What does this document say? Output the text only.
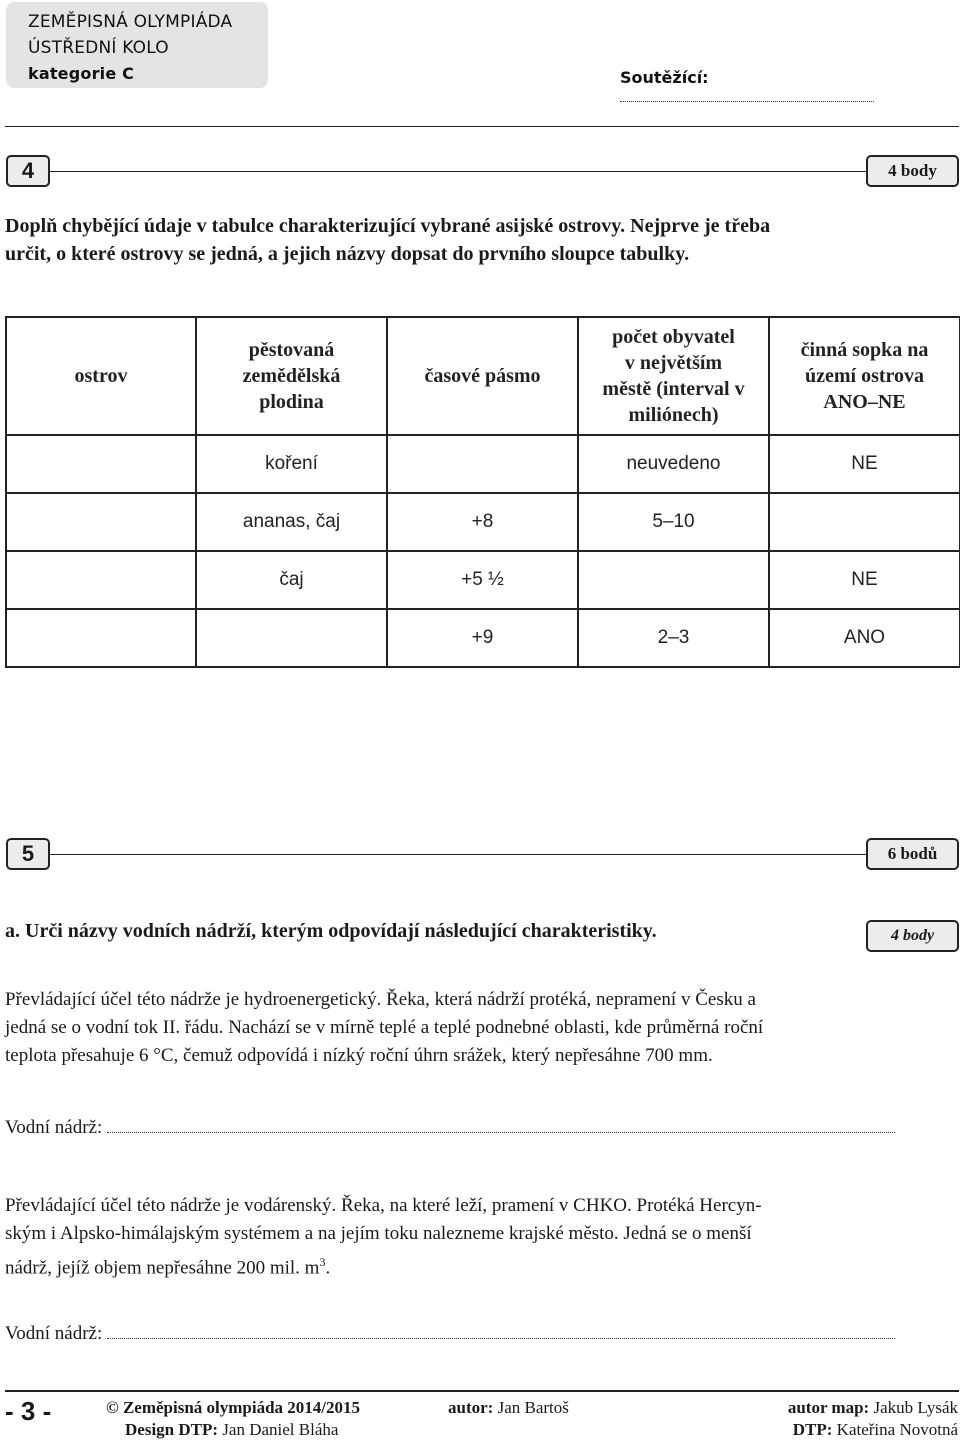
ZEMĚPISNÁ OLYMPIÁDA
ÚSTŘEDNÍ KOLO
kategorie C	Soutěžící:
4	4 body
Doplň chybějící údaje v tabulce charakterizující vybrané asijské ostrovy. Nejprve je třeba
určit, o které ostrovy se jedná, a jejich názvy dopsat do prvního sloupce tabulky.
ostrov	pěstovaná
zemědělská
plodina	časové pásmo	počet obyvatel
v největším
městě (interval v
miliónech)	činná sopka na
území ostrova
ANO–NE
	koření		neuvedeno	NE
	ananas, čaj	+8	5–10	
	čaj	+5 ½		NE
		+9	2–3	ANO
5	6 bodů
a. Urči názvy vodních nádrží, kterým odpovídají následující charakteristiky.	4 body
Převládající účel této nádrže je hydroenergetický. Řeka, která nádrží protéká, nepramení v Česku a
jedná se o vodní tok II. řádu. Nachází se v mírně teplé a teplé podnebné oblasti, kde průměrná roční
teplota přesahuje 6 °C, čemuž odpovídá i nízký roční úhrn srážek, který nepřesáhne 700 mm.
Vodní nádrž:
Převládající účel této nádrže je vodárenský. Řeka, na které leží, pramení v CHKO. Protéká Hercyn-
ským i Alpsko-himálajským systémem a na jejím toku nalezneme krajské město. Jedná se o menší
nádrž, jejíž objem nepřesáhne 200 mil. $m^3$.
Vodní nádrž:
- 3 -	© Zeměpisná olympiáda 2014/2015	autor: Jan Bartoš	autor map: Jakub Lysák
Design DTP: Jan Daniel Bláha	DTP: Kateřina Novotná
